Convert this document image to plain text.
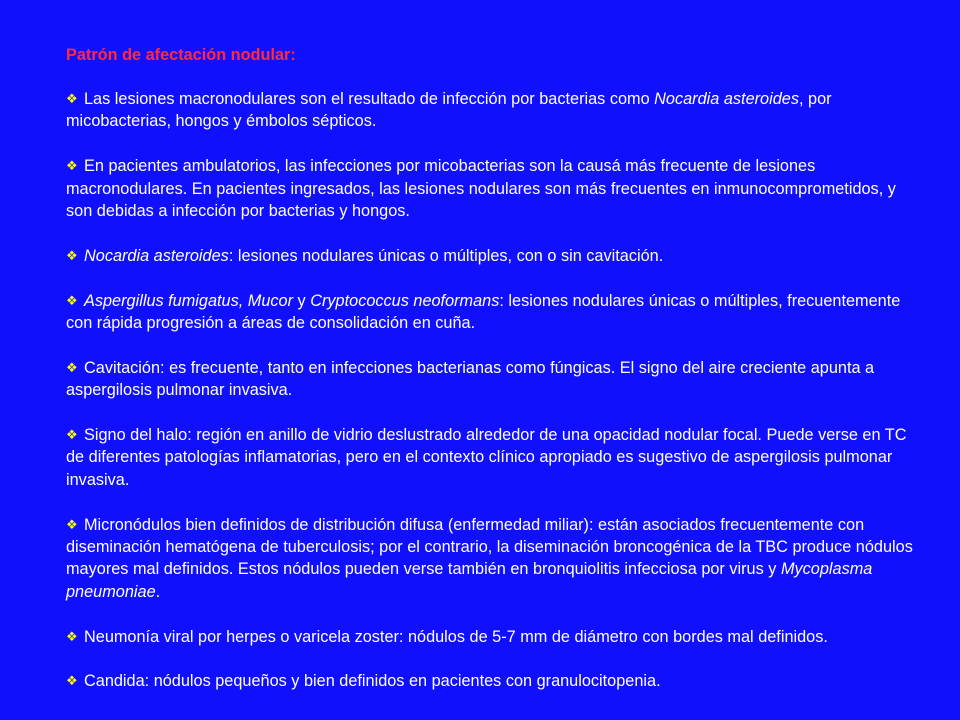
Patrón de afectación nodular:
❖ Las lesiones macronodulares son el resultado de infección por bacterias como Nocardia asteroides, por micobacterias, hongos y émbolos sépticos.
❖ En pacientes ambulatorios, las infecciones por micobacterias son la causá más frecuente de lesiones macronodulares. En pacientes ingresados, las lesiones nodulares son más frecuentes en inmunocomprometidos, y son debidas a infección por bacterias y hongos.
❖ Nocardia asteroides: lesiones nodulares únicas o múltiples, con o sin cavitación.
❖ Aspergillus fumigatus, Mucor y Cryptococcus neoformans: lesiones nodulares únicas o múltiples, frecuentemente con rápida progresión a áreas de consolidación en cuña.
❖ Cavitación: es frecuente, tanto en infecciones bacterianas como fúngicas. El signo del aire creciente apunta a aspergilosis pulmonar invasiva.
❖ Signo del halo: región en anillo de vidrio deslustrado alrededor de una opacidad nodular focal. Puede verse en TC de diferentes patologías inflamatorias, pero en el contexto clínico apropiado es sugestivo de aspergilosis pulmonar invasiva.
❖ Micronódulos bien definidos de distribución difusa (enfermedad miliar): están asociados frecuentemente con diseminación hematógena de tuberculosis; por el contrario, la diseminación broncogénica de la TBC produce nódulos mayores mal definidos. Estos nódulos pueden verse también en bronquiolitis infecciosa por virus y Mycoplasma pneumoniae.
❖ Neumonía viral por herpes o varicela zoster: nódulos de 5-7 mm de diámetro con bordes mal definidos.
❖ Candida: nódulos pequeños y bien definidos en pacientes con granulocitopenia.
